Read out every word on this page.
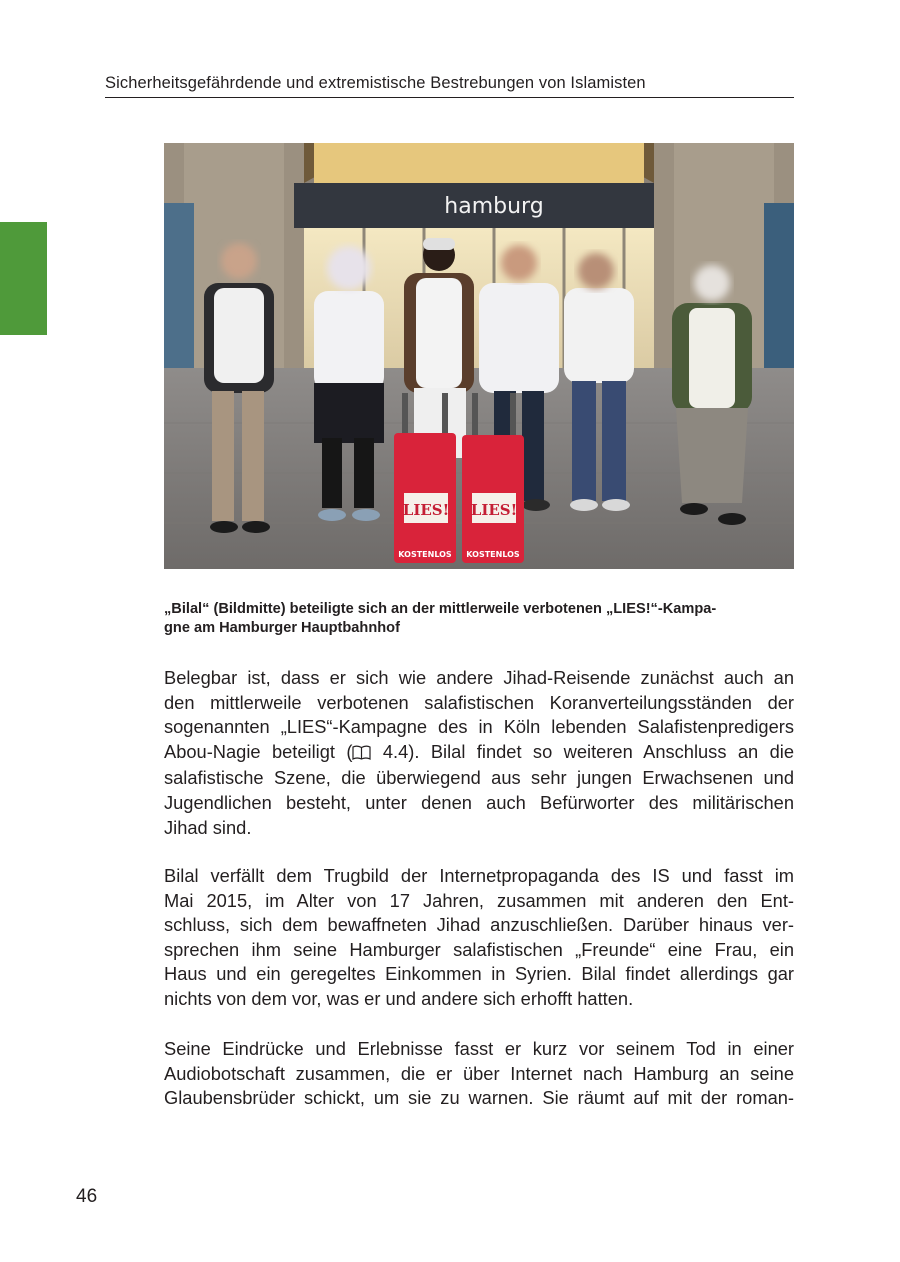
Sicherheitsgefährdende und extremistische Bestrebungen von Islamisten
hamburg
LIES!
KOSTENLOS
LIES!
KOSTENLOS
„Bilal“ (Bildmitte) beteiligte sich an der mittlerweile verbotenen „LIES!“-Kampa-
gne am Hamburger Hauptbahnhof
Belegbar ist, dass er sich wie andere Jihad-Reisende zunächst auch an
den mittlerweile verbotenen salafistischen Koranverteilungsständen der
sogenannten „LIES“-Kampagne des in Köln lebenden Salafistenpredigers
Abou-Nagie beteiligt ( 4.4). Bilal findet so weiteren Anschluss an die
salafistische Szene, die überwiegend aus sehr jungen Erwachsenen und
Jugendlichen besteht, unter denen auch Befürworter des militärischen
Jihad sind.
Bilal verfällt dem Trugbild der Internetpropaganda des IS und fasst im
Mai 2015, im Alter von 17 Jahren, zusammen mit anderen den Ent-
schluss, sich dem bewaffneten Jihad anzuschließen. Darüber hinaus ver-
sprechen ihm seine Hamburger salafistischen „Freunde“ eine Frau, ein
Haus und ein geregeltes Einkommen in Syrien. Bilal findet allerdings gar
nichts von dem vor, was er und andere sich erhofft hatten.
Seine Eindrücke und Erlebnisse fasst er kurz vor seinem Tod in einer
Audiobotschaft zusammen, die er über Internet nach Hamburg an seine
Glaubensbrüder schickt, um sie zu warnen. Sie räumt auf mit der roman-
46
